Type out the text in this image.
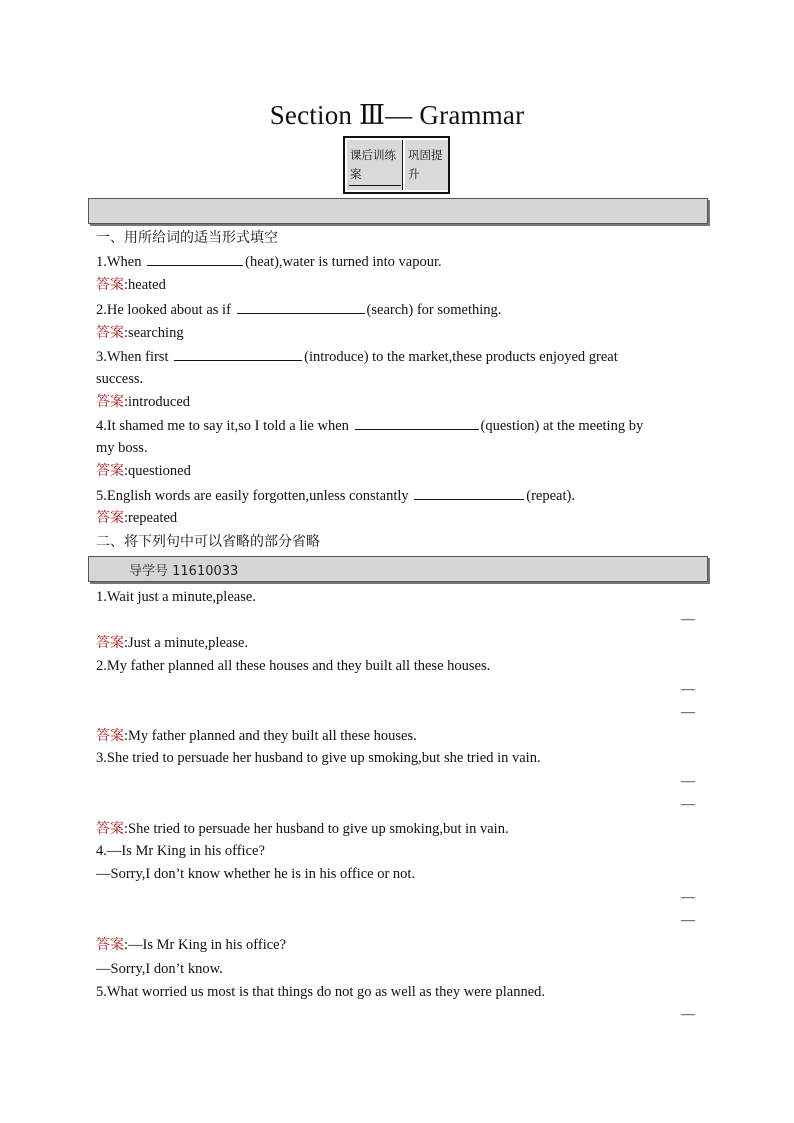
Section Ⅲ— Grammar
课后训练案
巩固提升
一、用所给词的适当形式填空
1.When	(heat),water is turned into vapour.
答案:heated
2.He looked about as if	(search) for something.
答案:searching
3.When first	(introduce) to the market,these products enjoyed great
success.
答案:introduced
4.It shamed me to say it,so I told a lie when	(question) at the meeting by
my boss.
答案:questioned
5.English words are easily forgotten,unless constantly	(repeat).
答案:repeated
二、将下列句中可以省略的部分省略
导学号 11610033
1.Wait just a minute,please.
—
答案:Just a minute,please.
2.My father planned all these houses and they built all these houses.
—
—
答案:My father planned and they built all these houses.
3.She tried to persuade her husband to give up smoking,but she tried in vain.
—
—
答案:She tried to persuade her husband to give up smoking,but in vain.
4.—Is Mr King in his office?
—Sorry,I don’t know whether he is in his office or not.
—
—
答案:—Is Mr King in his office?
—Sorry,I don’t know.
5.What worried us most is that things do not go as well as they were planned.
—
